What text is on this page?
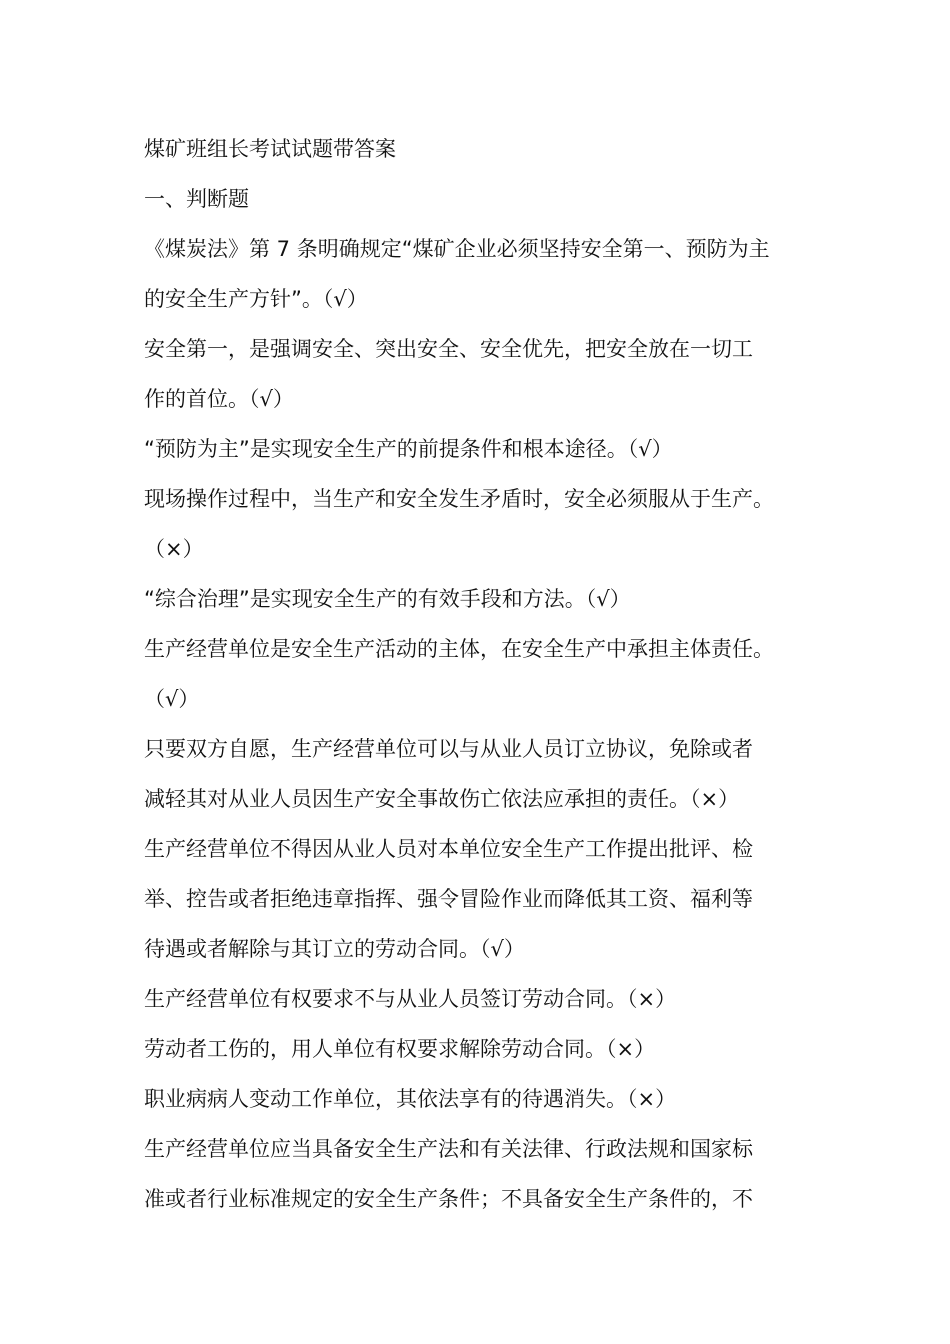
煤矿班组长考试试题带答案
一、判断题
《煤炭法》第 7 条明确规定“煤矿企业必须坚持安全第一、预防为主
的安全生产方针”。（√）
安全第一，是强调安全、突出安全、安全优先，把安全放在一切工
作的首位。（√）
“预防为主”是实现安全生产的前提条件和根本途径。（√）
现场操作过程中，当生产和安全发生矛盾时，安全必须服从于生产。
（×）
“综合治理”是实现安全生产的有效手段和方法。（√）
生产经营单位是安全生产活动的主体，在安全生产中承担主体责任。
（√）
只要双方自愿，生产经营单位可以与从业人员订立协议，免除或者
减轻其对从业人员因生产安全事故伤亡依法应承担的责任。（×）
生产经营单位不得因从业人员对本单位安全生产工作提出批评、检
举、控告或者拒绝违章指挥、强令冒险作业而降低其工资、福利等
待遇或者解除与其订立的劳动合同。（√）
生产经营单位有权要求不与从业人员签订劳动合同。（×）
劳动者工伤的，用人单位有权要求解除劳动合同。（×）
职业病病人变动工作单位，其依法享有的待遇消失。（×）
生产经营单位应当具备安全生产法和有关法律、行政法规和国家标
准或者行业标准规定的安全生产条件；不具备安全生产条件的，不
